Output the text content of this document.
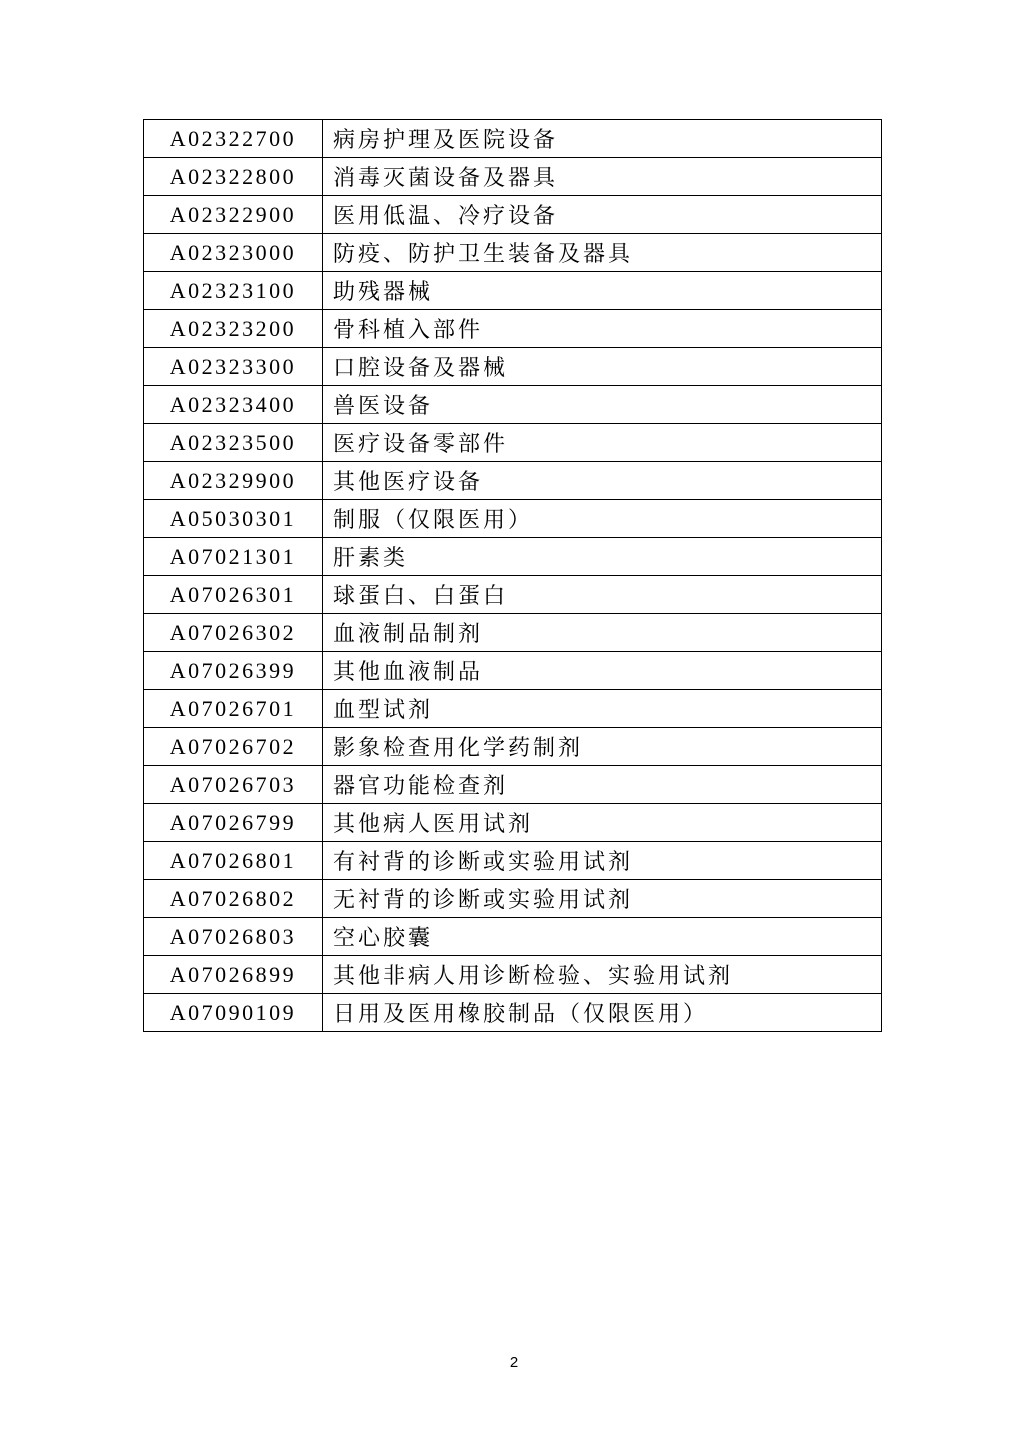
A02322700	病房护理及医院设备
A02322800	消毒灭菌设备及器具
A02322900	医用低温、冷疗设备
A02323000	防疫、防护卫生装备及器具
A02323100	助残器械
A02323200	骨科植入部件
A02323300	口腔设备及器械
A02323400	兽医设备
A02323500	医疗设备零部件
A02329900	其他医疗设备
A05030301	制服（仅限医用）
A07021301	肝素类
A07026301	球蛋白、白蛋白
A07026302	血液制品制剂
A07026399	其他血液制品
A07026701	血型试剂
A07026702	影象检查用化学药制剂
A07026703	器官功能检查剂
A07026799	其他病人医用试剂
A07026801	有衬背的诊断或实验用试剂
A07026802	无衬背的诊断或实验用试剂
A07026803	空心胶囊
A07026899	其他非病人用诊断检验、实验用试剂
A07090109	日用及医用橡胶制品（仅限医用）
2
